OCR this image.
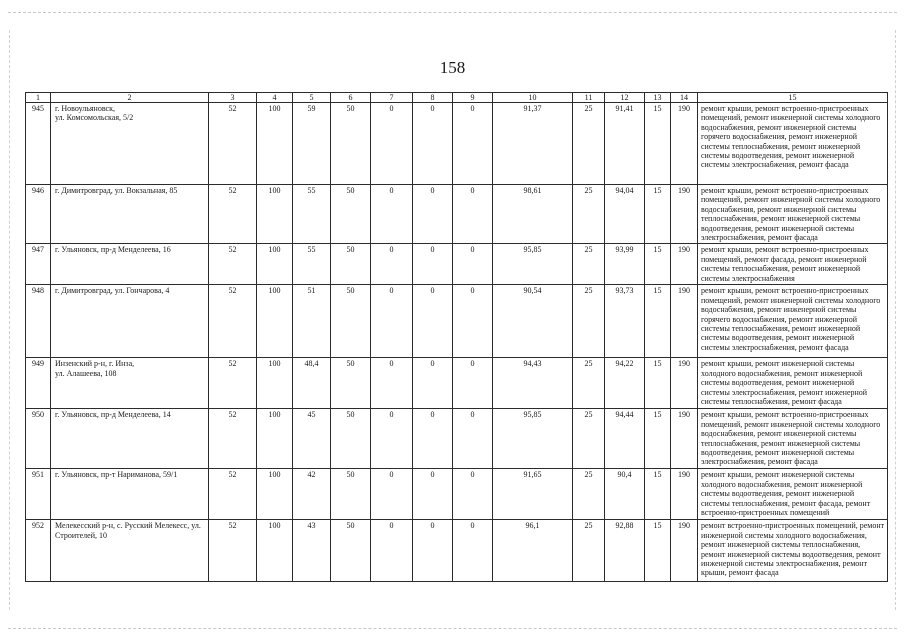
158
1	2	3	4	5	6	7	8	9	10	11	12	13	14	15
945	г. Новоульяновск,
ул. Комсомольская, 5/2	52	100	59	50	0	0	0	91,37	25	91,41	15	190	ремонт крыши, ремонт встроенно-пристроенных помещений, ремонт инженерной системы холодного водоснабжения, ремонт инженерной системы горячего водоснабжения, ремонт инженерной системы теплоснабжения, ремонт инженерной системы водоотведения, ремонт инженерной системы электроснабжения, ремонт фасада
946	г. Димитровград, ул. Вокзальная, 85	52	100	55	50	0	0	0	98,61	25	94,04	15	190	ремонт крыши, ремонт встроенно-пристроенных помещений, ремонт инженерной системы холодного водоснабжения, ремонт инженерной системы теплоснабжения, ремонт инженерной системы водоотведения, ремонт инженерной системы электроснабжения, ремонт фасада
947	г. Ульяновск, пр-д Менделеева, 16	52	100	55	50	0	0	0	95,85	25	93,99	15	190	ремонт крыши, ремонт встроенно-пристроенных помещений, ремонт фасада, ремонт инженерной системы теплоснабжения, ремонт инженерной системы электроснабжения
948	г. Димитровград, ул. Гончарова, 4	52	100	51	50	0	0	0	90,54	25	93,73	15	190	ремонт крыши, ремонт встроенно-пристроенных помещений, ремонт инженерной системы холодного водоснабжения, ремонт инженерной системы горячего водоснабжения, ремонт инженерной системы теплоснабжения, ремонт инженерной системы водоотведения, ремонт инженерной системы электроснабжения, ремонт фасада
949	Инзенский р-н, г. Инза,
ул. Алашеева, 108	52	100	48,4	50	0	0	0	94,43	25	94,22	15	190	ремонт крыши, ремонт инженерной системы холодного водоснабжения, ремонт инженерной системы водоотведения, ремонт инженерной системы электроснабжения, ремонт инженерной системы теплоснабжения, ремонт фасада
950	г. Ульяновск, пр-д Менделеева, 14	52	100	45	50	0	0	0	95,85	25	94,44	15	190	ремонт крыши, ремонт встроенно-пристроенных помещений, ремонт инженерной системы холодного водоснабжения, ремонт инженерной системы теплоснабжения, ремонт инженерной системы водоотведения, ремонт инженерной системы электроснабжения, ремонт фасада
951	г. Ульяновск, пр-т Нариманова, 59/1	52	100	42	50	0	0	0	91,65	25	90,4	15	190	ремонт крыши, ремонт инженерной системы холодного водоснабжения, ремонт инженерной системы водоотведения, ремонт инженерной системы теплоснабжения, ремонт фасада, ремонт встроенно-пристроенных помещений
952	Мелекесский р-н, с. Русский Мелекесс, ул. Строителей, 10	52	100	43	50	0	0	0	96,1	25	92,88	15	190	ремонт встроенно-пристроенных помещений, ремонт инженерной системы холодного водоснабжения, ремонт инженерной системы теплоснабжения, ремонт инженерной системы водоотведения, ремонт инженерной системы электроснабжения, ремонт крыши, ремонт фасада
